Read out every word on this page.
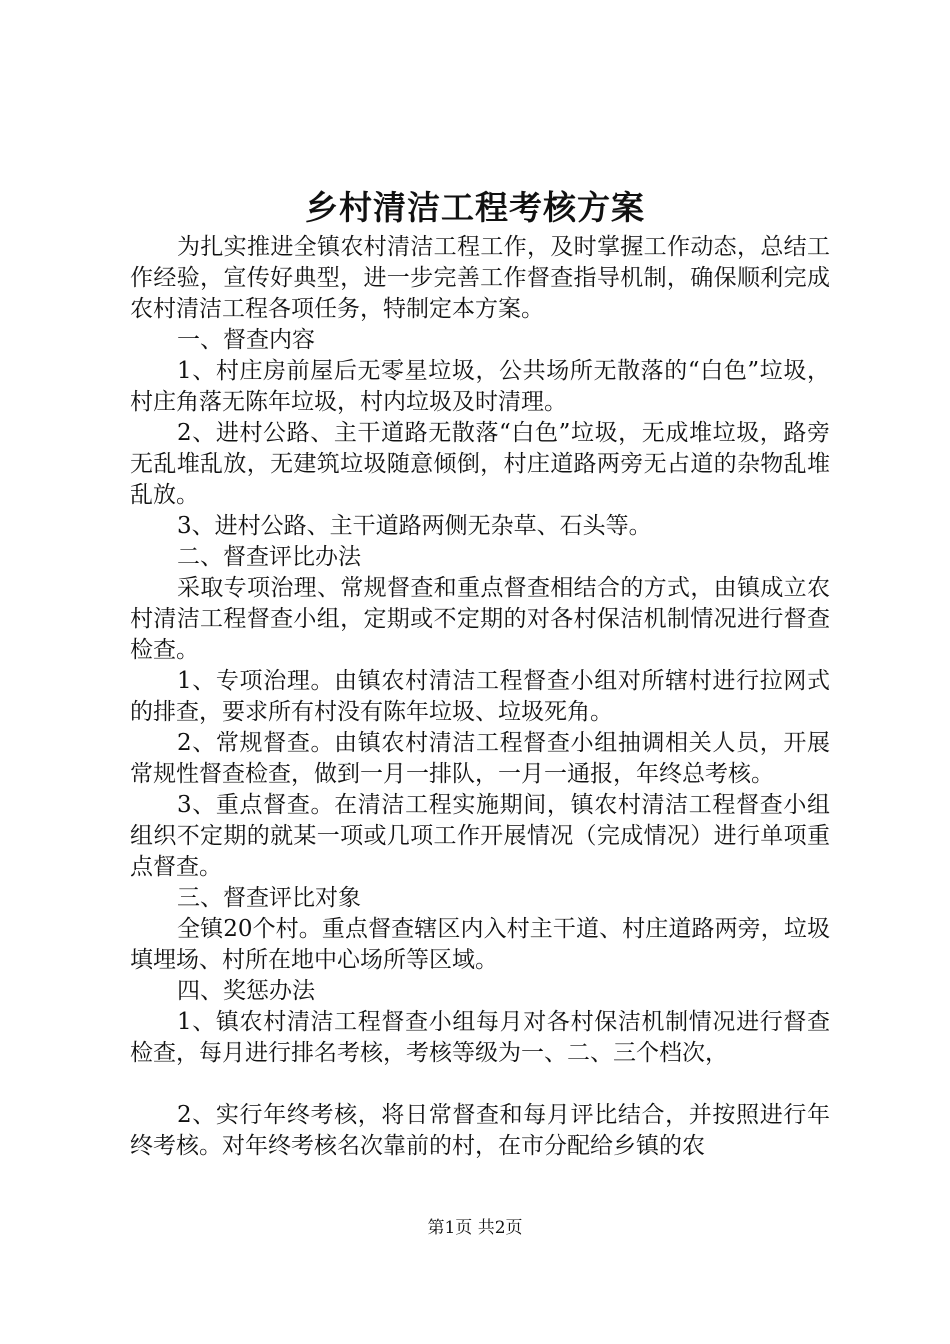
乡村清洁工程考核方案

为扎实推进全镇农村清洁工程工作，及时掌握工作动态，总结工作经验，宣传好典型，进一步完善工作督查指导机制，确保顺利完成农村清洁工程各项任务，特制定本方案。

一、督查内容

1、村庄房前屋后无零星垃圾，公共场所无散落的“白色”垃圾，村庄角落无陈年垃圾，村内垃圾及时清理。

2、进村公路、主干道路无散落“白色”垃圾，无成堆垃圾，路旁无乱堆乱放，无建筑垃圾随意倾倒，村庄道路两旁无占道的杂物乱堆乱放。

3、进村公路、主干道路两侧无杂草、石头等。

二、督查评比办法

采取专项治理、常规督查和重点督查相结合的方式，由镇成立农村清洁工程督查小组，定期或不定期的对各村保洁机制情况进行督查检查。

1、专项治理。由镇农村清洁工程督查小组对所辖村进行拉网式的排查，要求所有村没有陈年垃圾、垃圾死角。

2、常规督查。由镇农村清洁工程督查小组抽调相关人员，开展常规性督查检查，做到一月一排队，一月一通报，年终总考核。

3、重点督查。在清洁工程实施期间，镇农村清洁工程督查小组组织不定期的就某一项或几项工作开展情况（完成情况）进行单项重点督查。

三、督查评比对象

全镇20个村。重点督查辖区内入村主干道、村庄道路两旁，垃圾填埋场、村所在地中心场所等区域。

四、奖惩办法

1、镇农村清洁工程督查小组每月对各村保洁机制情况进行督查检查，每月进行排名考核，考核等级为一、二、三个档次，

2、实行年终考核，将日常督查和每月评比结合，并按照进行年终考核。对年终考核名次靠前的村，在市分配给乡镇的农

第1页 共2页
